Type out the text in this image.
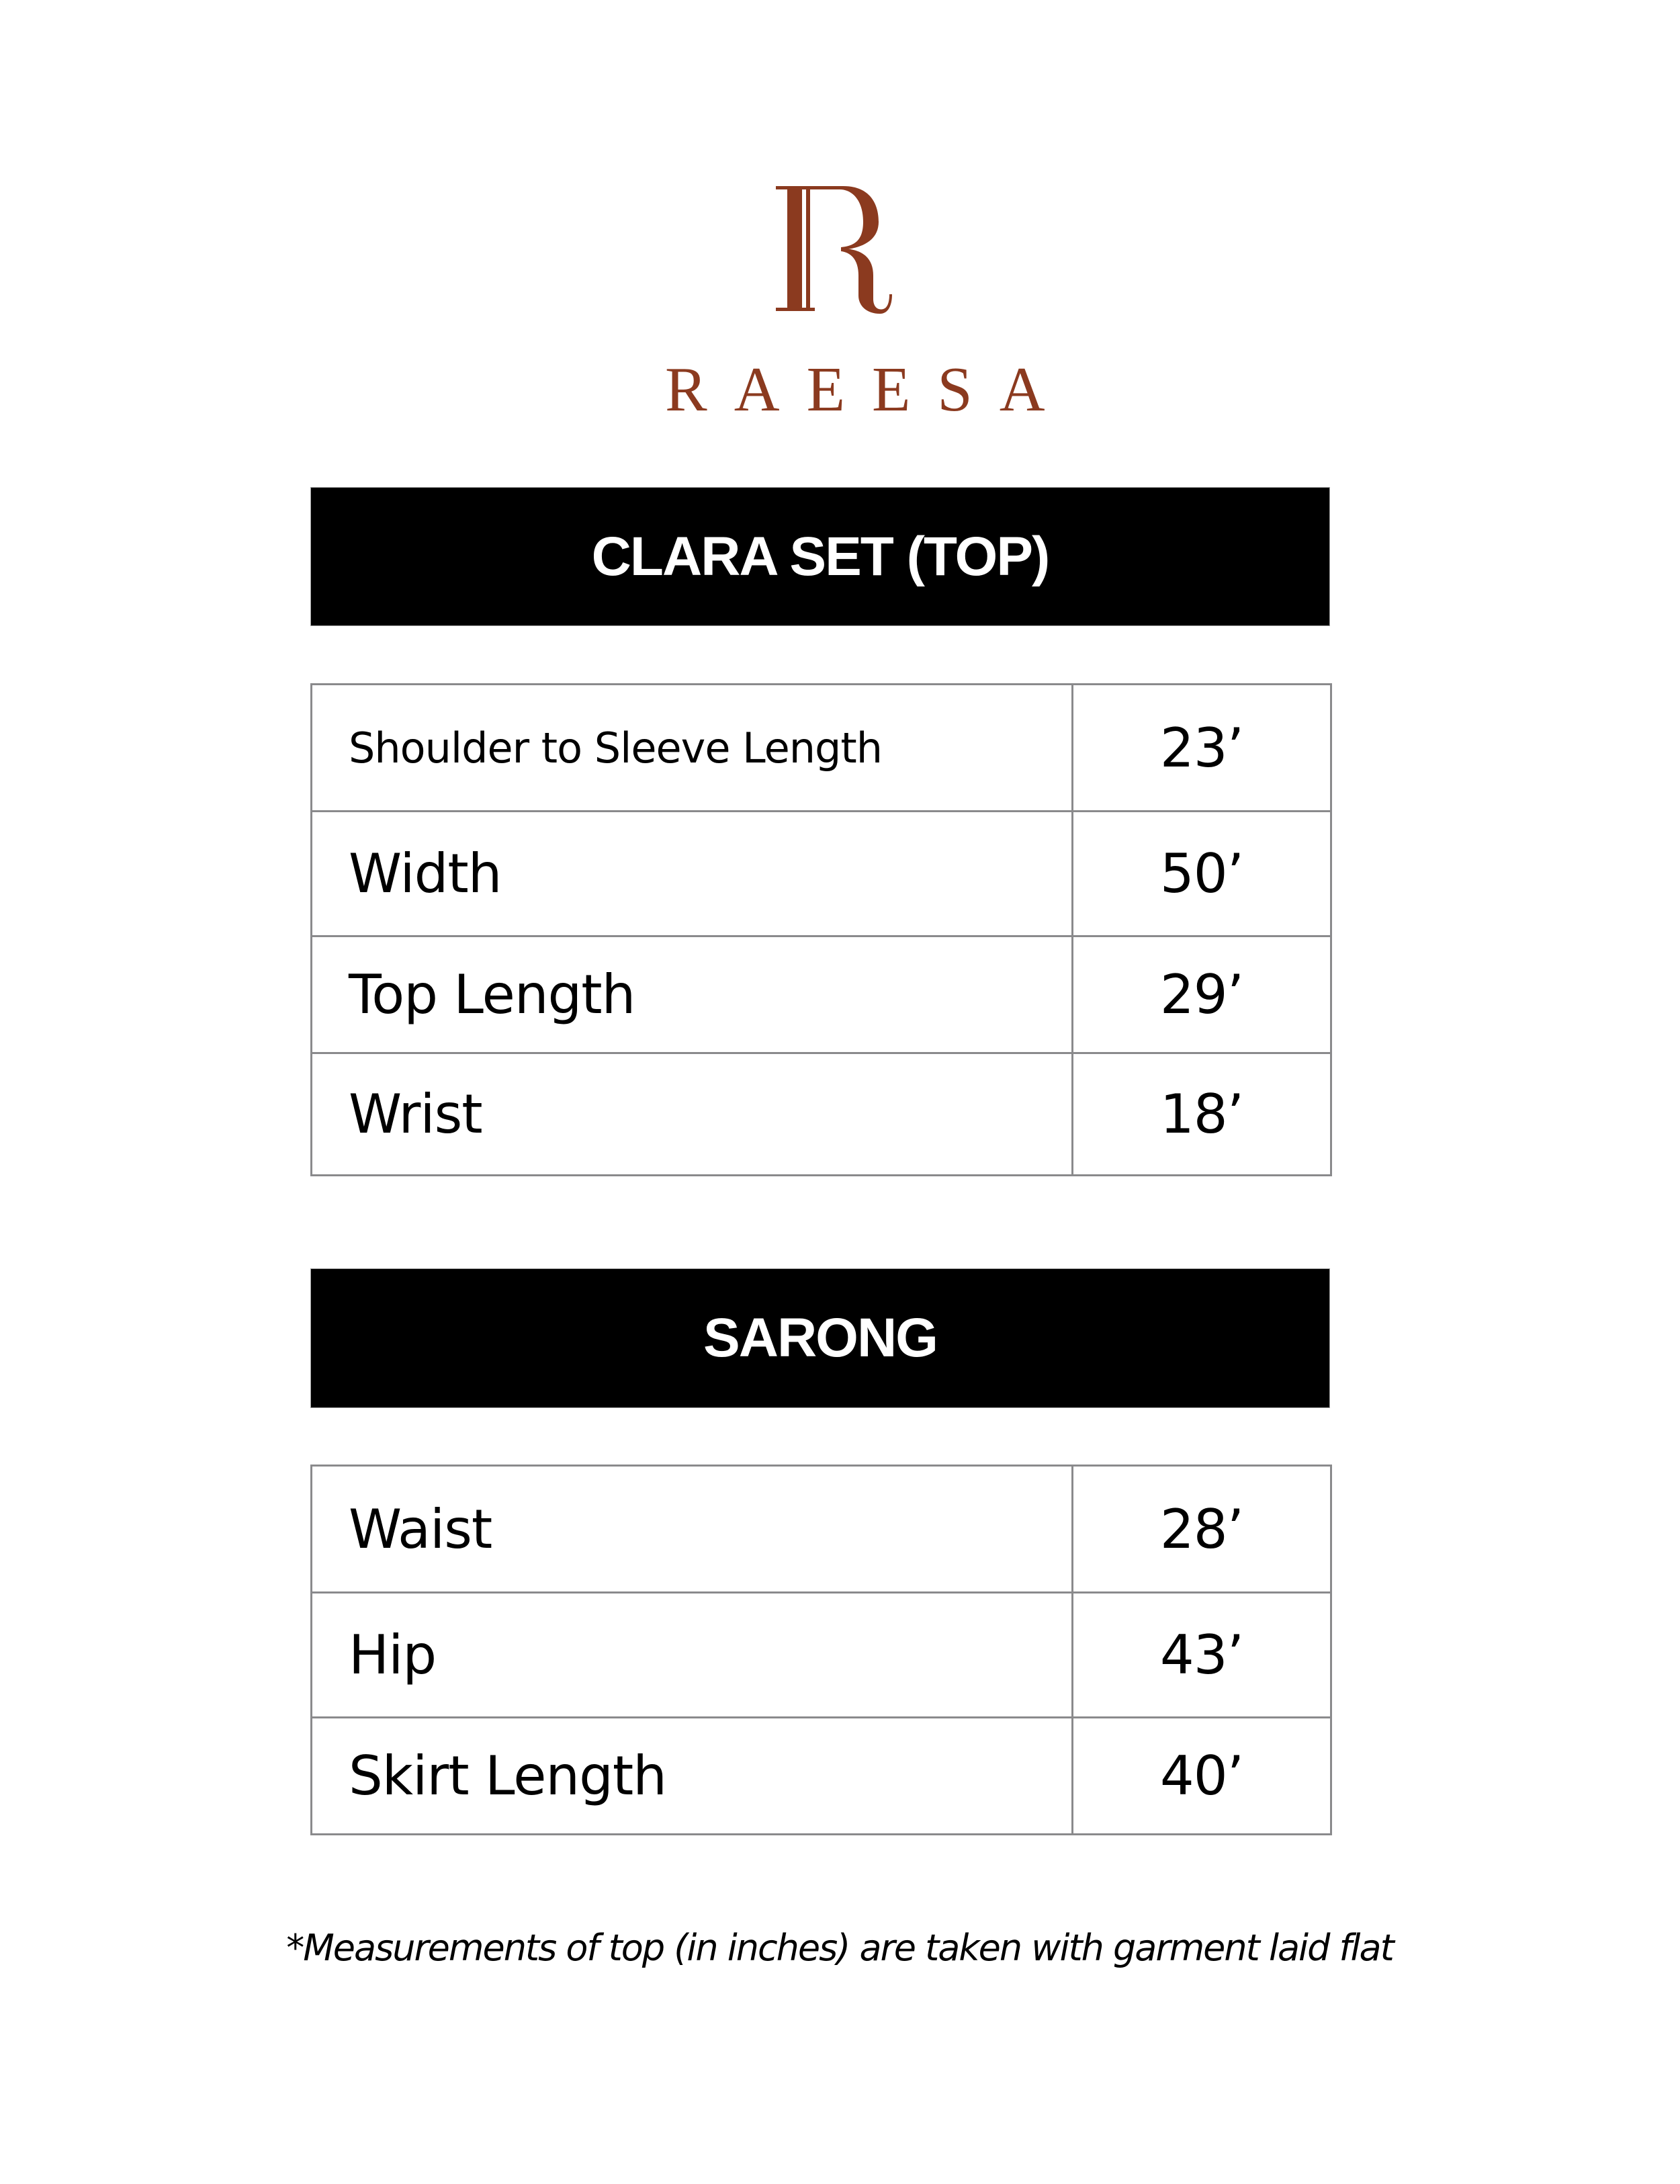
RAEESA
CLARA SET (TOP)
Shoulder to Sleeve Length	23’
Width	50’
Top Length	29’
Wrist	18’
SARONG
Waist	28’
Hip	43’
Skirt Length	40’
*Measurements of top (in inches) are taken with garment laid flat
